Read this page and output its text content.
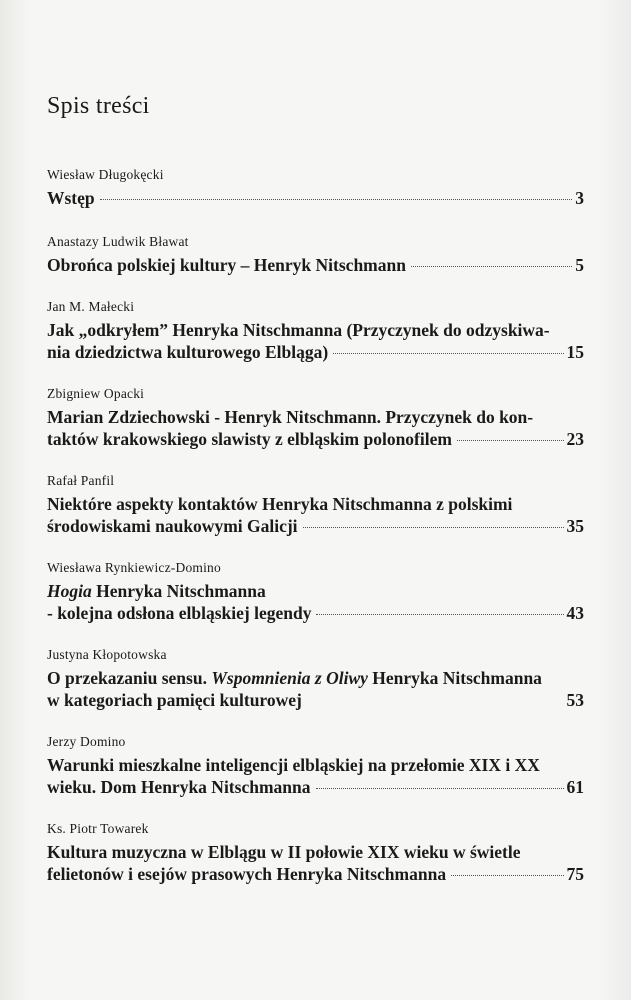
Spis treści
Wiesław Długokęcki
Wstęp	3
Anastazy Ludwik Bławat
Obrońca polskiej kultury – Henryk Nitschmann	5
Jan M. Małecki
Jak „odkryłem” Henryka Nitschmanna (Przyczynek do odzyskiwa-
nia dziedzictwa kulturowego Elbląga)	15
Zbigniew Opacki
Marian Zdziechowski - Henryk Nitschmann. Przyczynek do kon-
taktów krakowskiego slawisty z elbląskim polonofilem	23
Rafał Panfil
Niektóre aspekty kontaktów Henryka Nitschmanna z polskimi
środowiskami naukowymi Galicji	35
Wiesława Rynkiewicz-Domino
Hogia Henryka Nitschmanna
- kolejna odsłona elbląskiej legendy	43
Justyna Kłopotowska
O przekazaniu sensu. Wspomnienia z Oliwy Henryka Nitschmanna
w kategoriach pamięci kulturowej	53
Jerzy Domino
Warunki mieszkalne inteligencji elbląskiej na przełomie XIX i XX
wieku. Dom Henryka Nitschmanna	61
Ks. Piotr Towarek
Kultura muzyczna w Elblągu w II połowie XIX wieku w świetle
felietonów i esejów prasowych Henryka Nitschmanna	75
